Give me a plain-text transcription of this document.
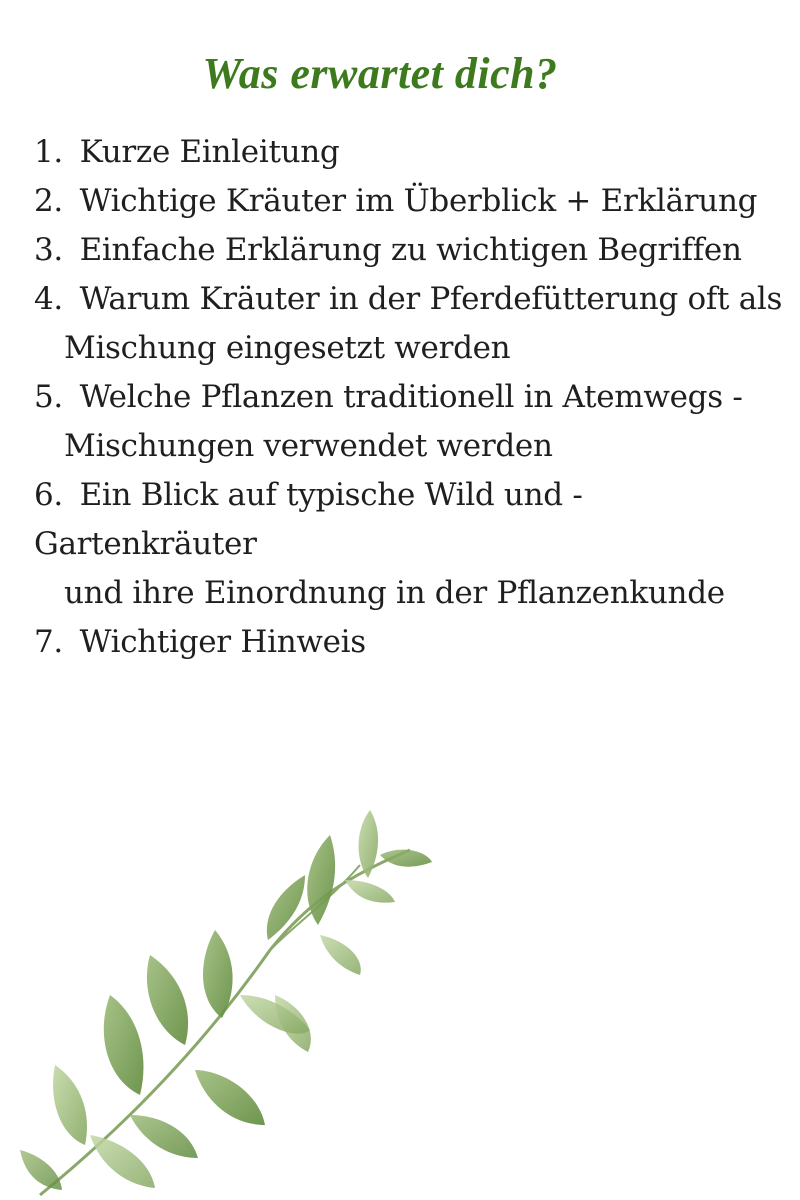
Was erwartet dich?
1. Kurze Einleitung
2. Wichtige Kräuter im Überblick + Erklärung
3. Einfache Erklärung zu wichtigen Begriffen
4. Warum Kräuter in der Pferdefütterung oft als
Mischung eingesetzt werden
5. Welche Pflanzen traditionell in Atemwegs -
Mischungen verwendet werden
6. Ein Blick auf typische Wild und - Gartenkräuter
und ihre Einordnung in der Pflanzenkunde
7. Wichtiger Hinweis
